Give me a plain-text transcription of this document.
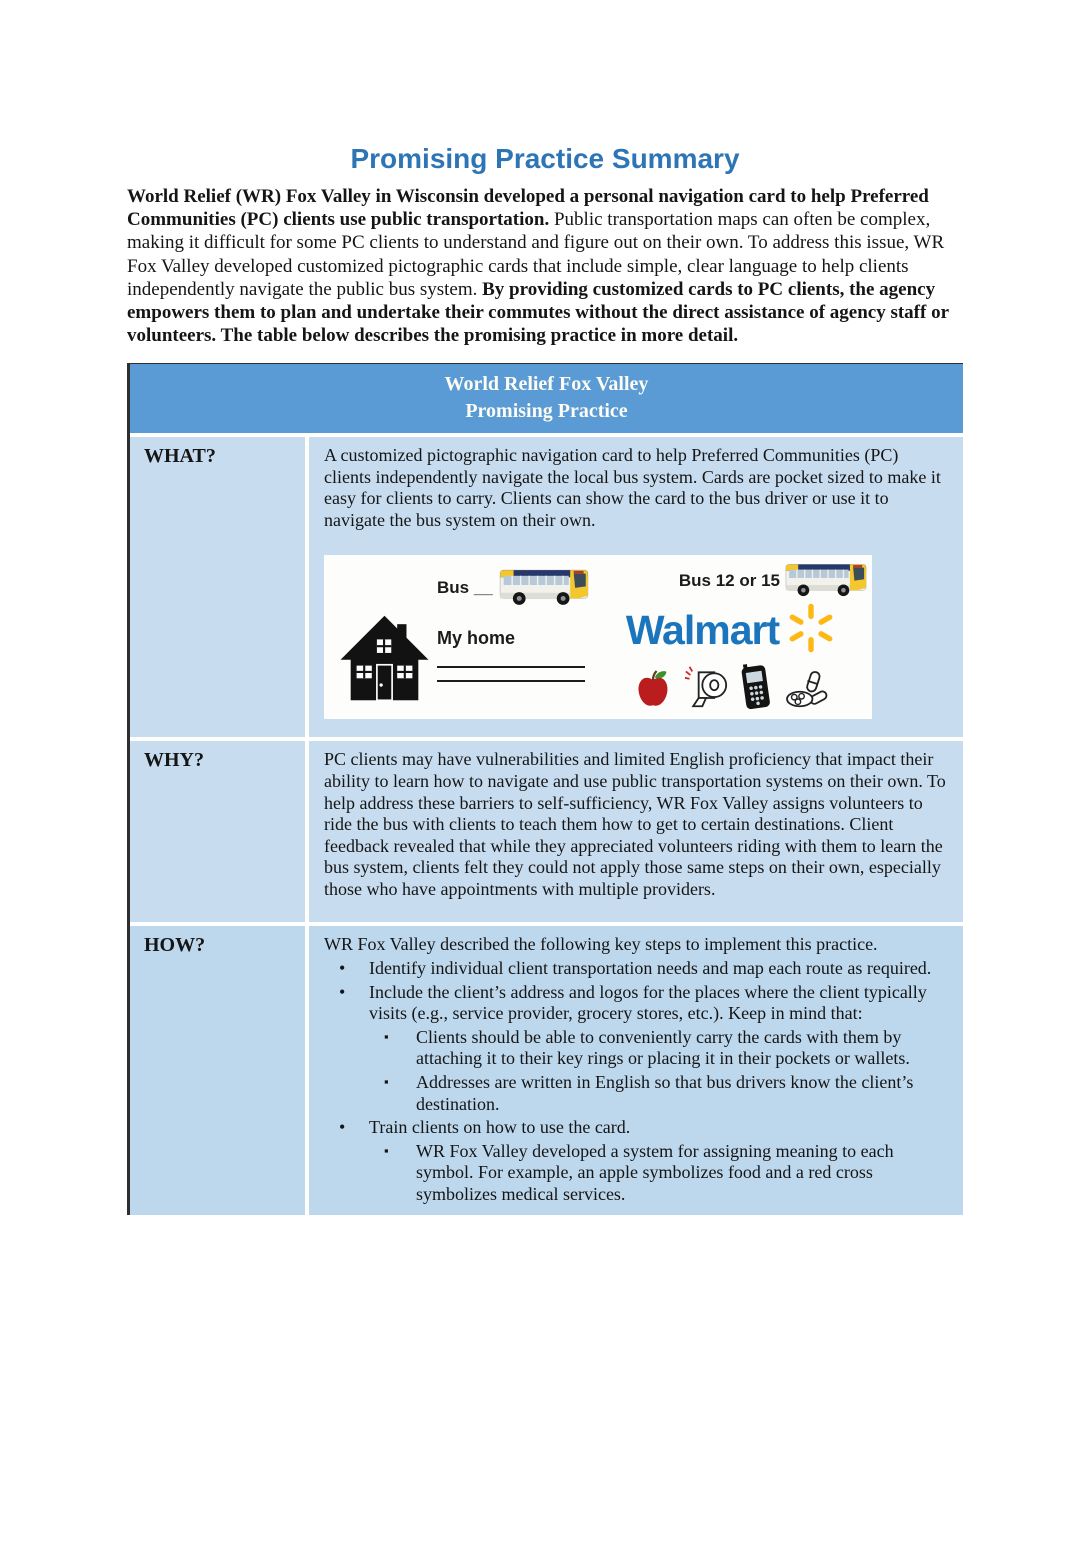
Promising Practice Summary
World Relief (WR) Fox Valley in Wisconsin developed a personal navigation card to help Preferred Communities (PC) clients use public transportation. Public transportation maps can often be complex, making it difficult for some PC clients to understand and figure out on their own. To address this issue, WR Fox Valley developed customized pictographic cards that include simple, clear language to help clients independently navigate the public bus system. By providing customized cards to PC clients, the agency empowers them to plan and undertake their commutes without the direct assistance of agency staff or volunteers. The table below describes the promising practice in more detail.
World Relief Fox Valley
Promising Practice
WHAT?	A customized pictographic navigation card to help Preferred Communities (PC) clients independently navigate the local bus system. Cards are pocket sized to make it easy for clients to carry. Clients can show the card to the bus driver or use it to navigate the bus system on their own.
Bus __
My home
Bus 12 or 15
Walmart
WHY?	PC clients may have vulnerabilities and limited English proficiency that impact their ability to learn how to navigate and use public transportation systems on their own. To help address these barriers to self-sufficiency, WR Fox Valley assigns volunteers to ride the bus with clients to teach them how to get to certain destinations. Client feedback revealed that while they appreciated volunteers riding with them to learn the bus system, clients felt they could not apply those same steps on their own, especially those who have appointments with multiple providers.
HOW?	WR Fox Valley described the following key steps to implement this practice.
•	Identify individual client transportation needs and map each route as required.
•	Include the client’s address and logos for the places where the client typically visits (e.g., service provider, grocery stores, etc.). Keep in mind that:
▪	Clients should be able to conveniently carry the cards with them by attaching it to their key rings or placing it in their pockets or wallets.
▪	Addresses are written in English so that bus drivers know the client’s destination.
•	Train clients on how to use the card.
▪	WR Fox Valley developed a system for assigning meaning to each symbol. For example, an apple symbolizes food and a red cross symbolizes medical services.
